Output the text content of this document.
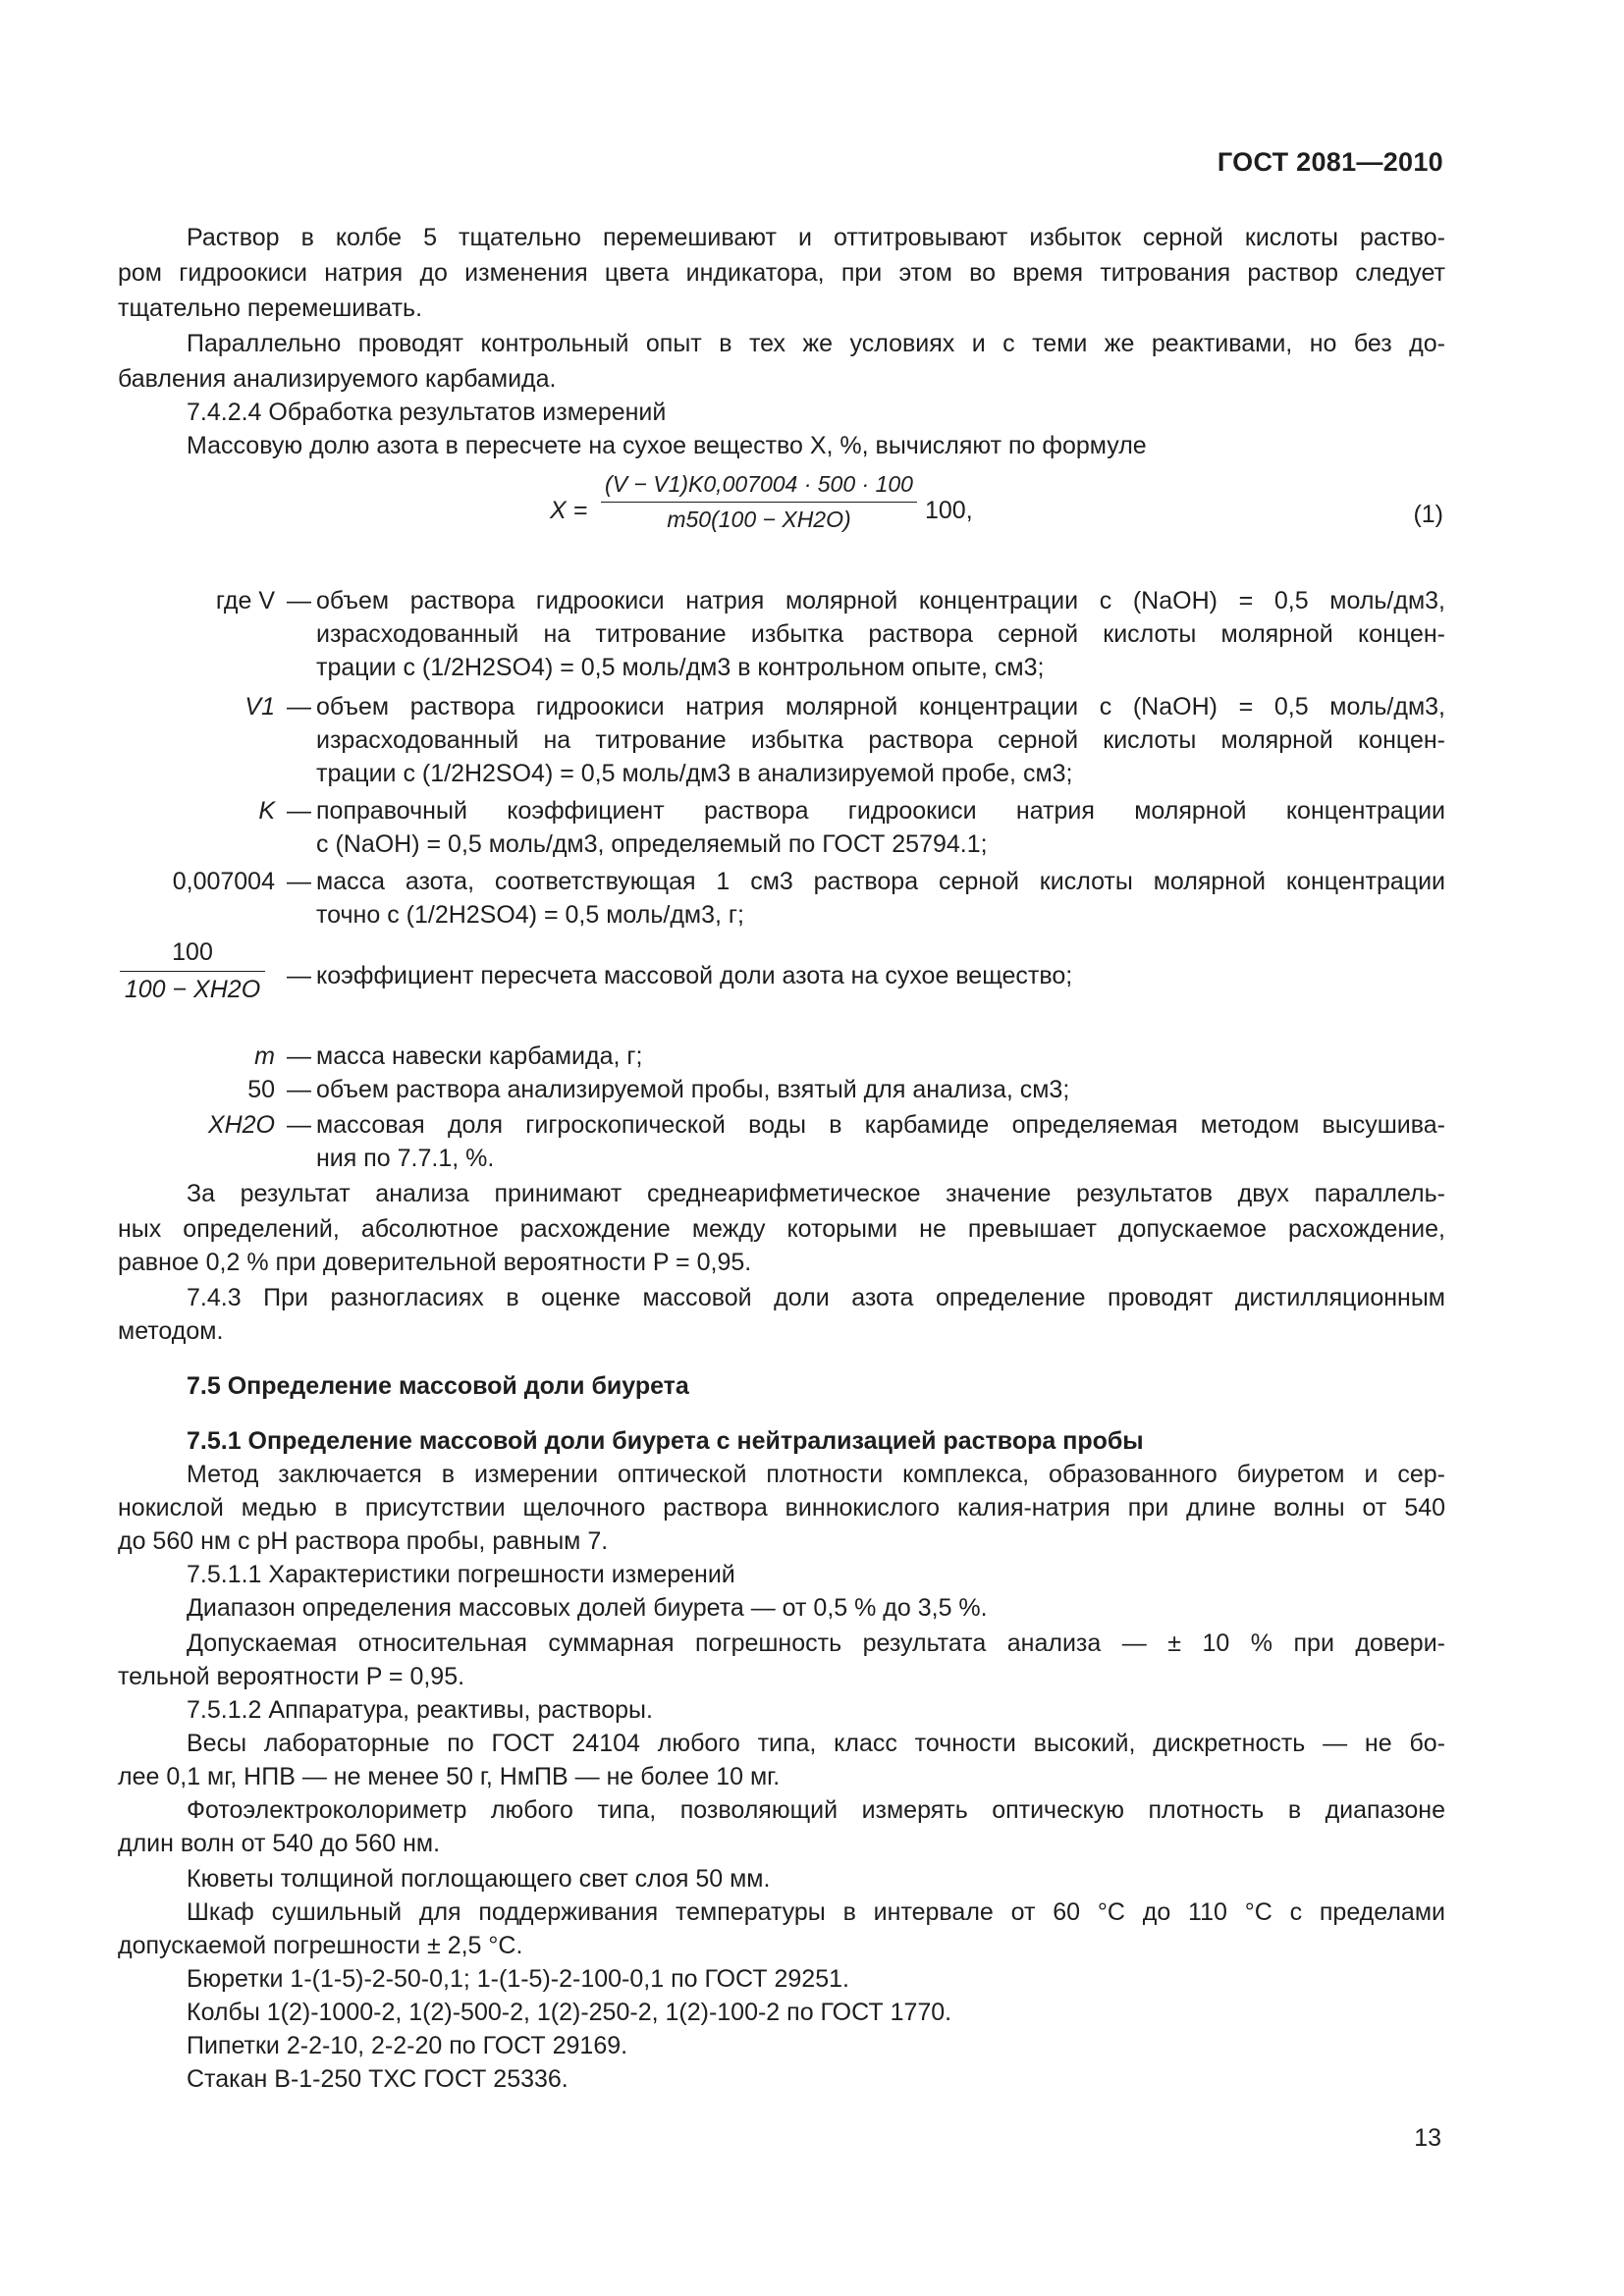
ГОСТ 2081—2010
Раствор в колбе 5 тщательно перемешивают и оттитровывают избыток серной кислоты раство-
ром гидроокиси натрия до изменения цвета индикатора, при этом во время титрования раствор следует
тщательно перемешивать.
Параллельно проводят контрольный опыт в тех же условиях и с теми же реактивами, но без до-
бавления анализируемого карбамида.
7.4.2.4 Обработка результатов измерений
Массовую долю азота в пересчете на сухое вещество X, %, вычисляют по формуле
X =
(V − V1)K0,007004 · 500 · 100
m50(100 − XH2O)	100,	(1)
где V — объем раствора гидроокиси натрия молярной концентрации c (NaOH) = 0,5 моль/дм3,
израсходованный на титрование избытка раствора серной кислоты молярной концен-
трации c (1/2H2SO4) = 0,5 моль/дм3 в контрольном опыте, см3;
V1 — объем раствора гидроокиси натрия молярной концентрации c (NaOH) = 0,5 моль/дм3,
израсходованный на титрование избытка раствора серной кислоты молярной концен-
трации c (1/2H2SO4) = 0,5 моль/дм3 в анализируемой пробе, см3;
K — поправочный коэффициент раствора гидроокиси натрия молярной концентрации
c (NaOH) = 0,5 моль/дм3, определяемый по ГОСТ 25794.1;
0,007004 — масса азота, соответствующая 1 см3 раствора серной кислоты молярной концентрации
точно c (1/2H2SO4) = 0,5 моль/дм3, г;
100
100 − XH2O — коэффициент пересчета массовой доли азота на сухое вещество;
m — масса навески карбамида, г;
50 — объем раствора анализируемой пробы, взятый для анализа, см3;
XH2O — массовая доля гигроскопической воды в карбамиде определяемая методом высушива-
ния по 7.7.1, %.
За результат анализа принимают среднеарифметическое значение результатов двух параллель-
ных определений, абсолютное расхождение между которыми не превышает допускаемое расхождение,
равное 0,2 % при доверительной вероятности P = 0,95.
7.4.3 При разногласиях в оценке массовой доли азота определение проводят дистилляционным
методом.
7.5 Определение массовой доли биурета
7.5.1 Определение массовой доли биурета с нейтрализацией раствора пробы
Метод заключается в измерении оптической плотности комплекса, образованного биуретом и сер-
нокислой медью в присутствии щелочного раствора виннокислого калия-натрия при длине волны от 540
до 560 нм с pH раствора пробы, равным 7.
7.5.1.1 Характеристики погрешности измерений
Диапазон определения массовых долей биурета — от 0,5 % до 3,5 %.
Допускаемая относительная суммарная погрешность результата анализа — ± 10 % при довери-
тельной вероятности P = 0,95.
7.5.1.2 Аппаратура, реактивы, растворы.
Весы лабораторные по ГОСТ 24104 любого типа, класс точности высокий, дискретность — не бо-
лее 0,1 мг, НПВ — не менее 50 г, НмПВ — не более 10 мг.
Фотоэлектроколориметр любого типа, позволяющий измерять оптическую плотность в диапазоне
длин волн от 540 до 560 нм.
Кюветы толщиной поглощающего свет слоя 50 мм.
Шкаф сушильный для поддерживания температуры в интервале от 60 °C до 110 °C с пределами
допускаемой погрешности ± 2,5 °C.
Бюретки 1-(1-5)-2-50-0,1; 1-(1-5)-2-100-0,1 по ГОСТ 29251.
Колбы 1(2)-1000-2, 1(2)-500-2, 1(2)-250-2, 1(2)-100-2 по ГОСТ 1770.
Пипетки 2-2-10, 2-2-20 по ГОСТ 29169.
Стакан В-1-250 ТХС ГОСТ 25336.
13
